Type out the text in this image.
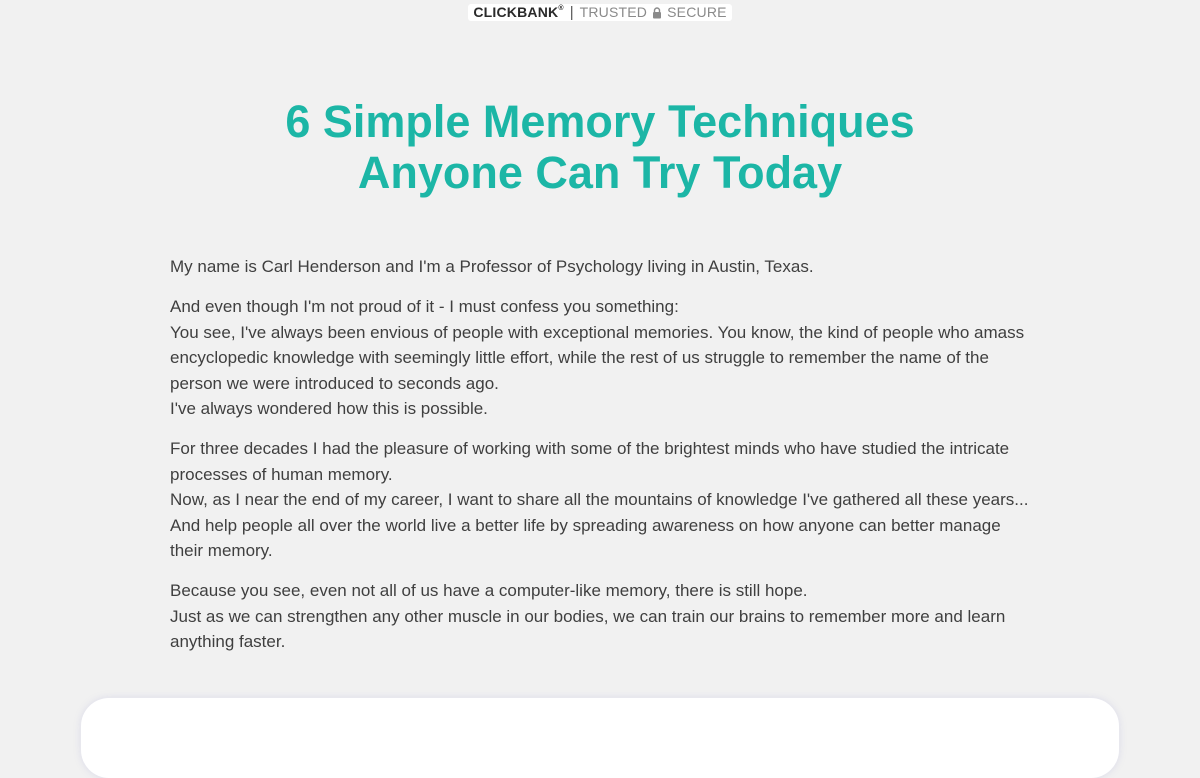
CLICKBANK® | TRUSTED SECURE
6 Simple Memory Techniques
Anyone Can Try Today

My name is Carl Henderson and I'm a Professor of Psychology living in Austin, Texas.

And even though I'm not proud of it - I must confess you something:
You see, I've always been envious of people with exceptional memories. You know, the kind of people who amass encyclopedic knowledge with seemingly little effort, while the rest of us struggle to remember the name of the person we were introduced to seconds ago.
I've always wondered how this is possible.

For three decades I had the pleasure of working with some of the brightest minds who have studied the intricate processes of human memory.
Now, as I near the end of my career, I want to share all the mountains of knowledge I've gathered all these years...
And help people all over the world live a better life by spreading awareness on how anyone can better manage their memory.

Because you see, even not all of us have a computer-like memory, there is still hope.
Just as we can strengthen any other muscle in our bodies, we can train our brains to remember more and learn anything faster.
